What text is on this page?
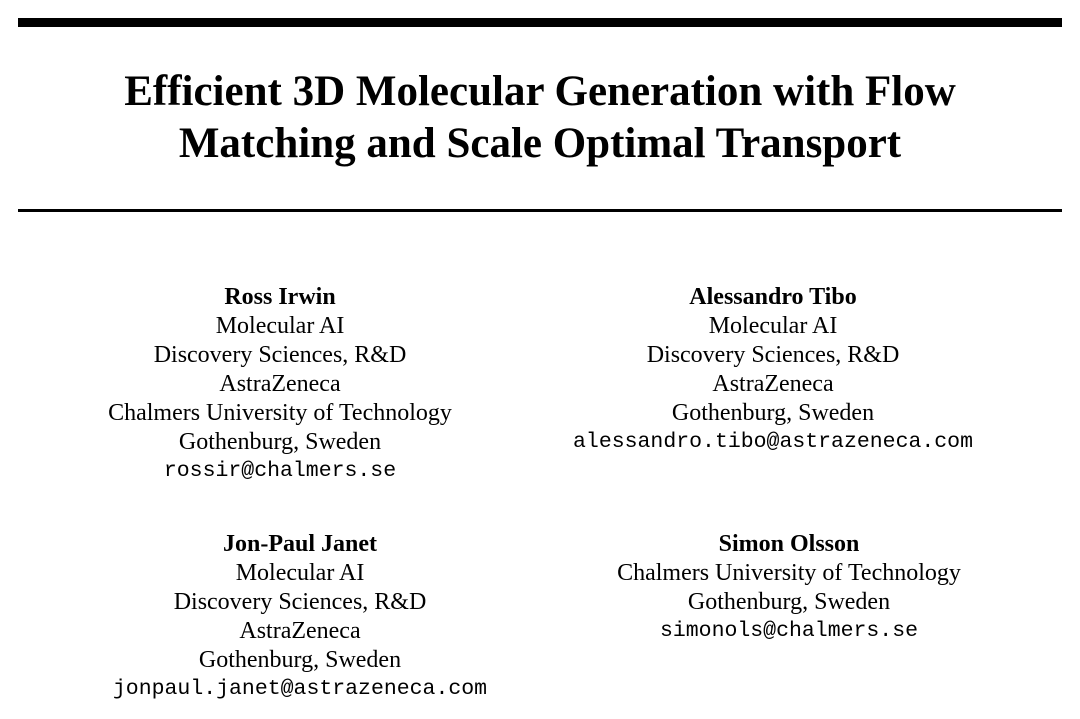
Efficient 3D Molecular Generation with Flow
Matching and Scale Optimal Transport
Ross Irwin
Molecular AI
Discovery Sciences, R&D
AstraZeneca
Chalmers University of Technology
Gothenburg, Sweden
rossir@chalmers.se
Alessandro Tibo
Molecular AI
Discovery Sciences, R&D
AstraZeneca
Gothenburg, Sweden
alessandro.tibo@astrazeneca.com
Jon-Paul Janet
Molecular AI
Discovery Sciences, R&D
AstraZeneca
Gothenburg, Sweden
jonpaul.janet@astrazeneca.com
Simon Olsson
Chalmers University of Technology
Gothenburg, Sweden
simonols@chalmers.se
